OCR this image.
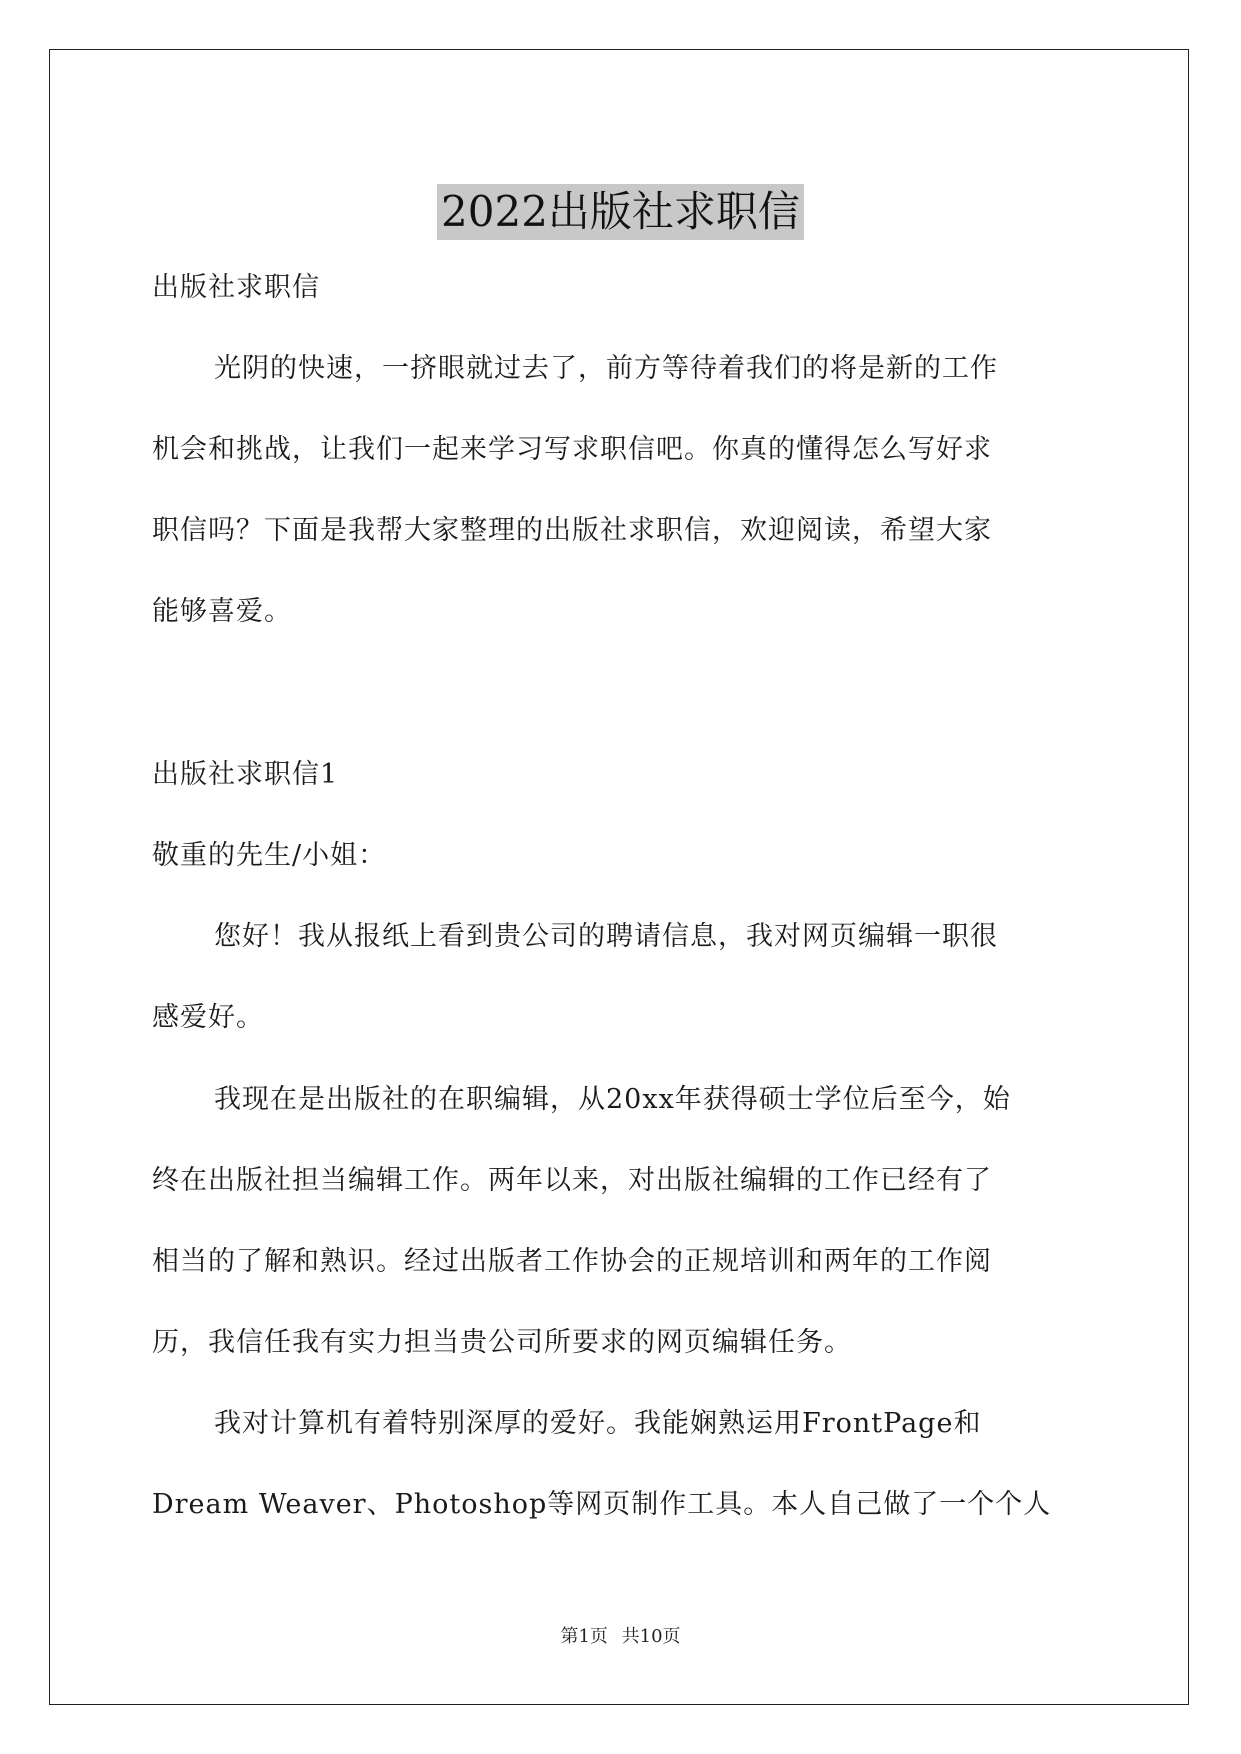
2022出版社求职信
出版社求职信
光阴的快速，一挤眼就过去了，前方等待着我们的将是新的工作
机会和挑战，让我们一起来学习写求职信吧。你真的懂得怎么写好求
职信吗？下面是我帮大家整理的出版社求职信，欢迎阅读，希望大家
能够喜爱。
出版社求职信1
敬重的先生/小姐：
您好！我从报纸上看到贵公司的聘请信息，我对网页编辑一职很
感爱好。
我现在是出版社的在职编辑，从20xx年获得硕士学位后至今，始
终在出版社担当编辑工作。两年以来，对出版社编辑的工作已经有了
相当的了解和熟识。经过出版者工作协会的正规培训和两年的工作阅
历，我信任我有实力担当贵公司所要求的网页编辑任务。
我对计算机有着特别深厚的爱好。我能娴熟运用FrontPage和
Dream Weaver、Photoshop等网页制作工具。本人自己做了一个个人
第1页 共10页
